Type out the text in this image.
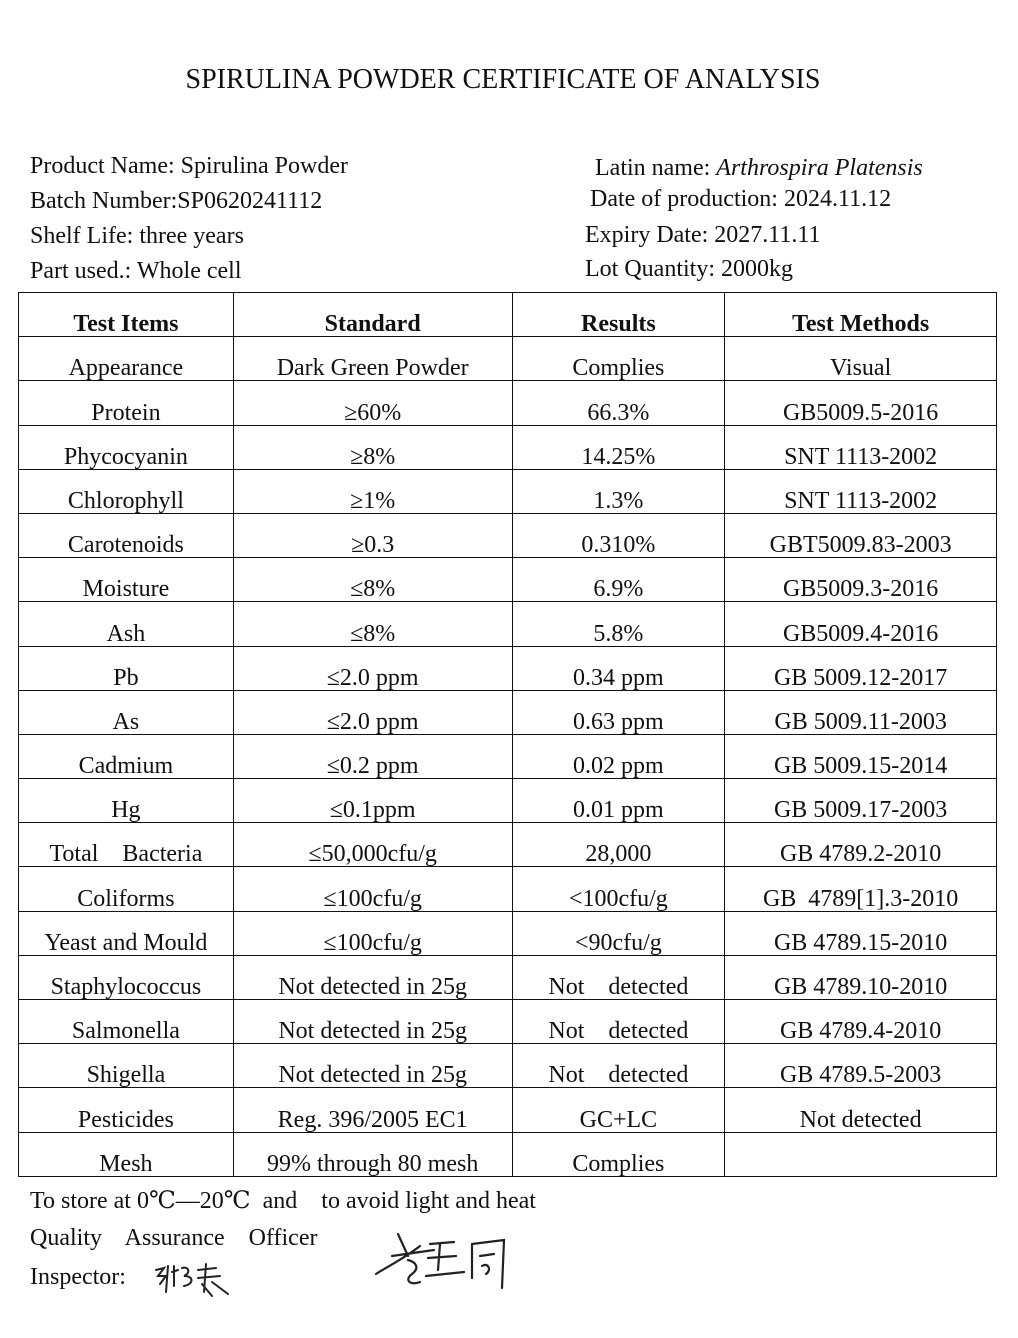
SPIRULINA POWDER CERTIFICATE OF ANALYSIS
Product Name: Spirulina Powder
Batch Number:SP0620241112
Shelf Life: three years
Part used.: Whole cell
Latin name: Arthrospira Platensis
Date of production: 2024.11.12
Expiry Date: 2027.11.11
Lot Quantity: 2000kg
Test Items	Standard	Results	Test Methods
Appearance	Dark Green Powder	Complies	Visual
Protein	≥60%	66.3%	GB5009.5-2016
Phycocyanin	≥8%	14.25%	SNT 1113-2002
Chlorophyll	≥1%	1.3%	SNT 1113-2002
Carotenoids	≥0.3	0.310%	GBT5009.83-2003
Moisture	≤8%	6.9%	GB5009.3-2016
Ash	≤8%	5.8%	GB5009.4-2016
Pb	≤2.0 ppm	0.34 ppm	GB 5009.12-2017
As	≤2.0 ppm	0.63 ppm	GB 5009.11-2003
Cadmium	≤0.2 ppm	0.02 ppm	GB 5009.15-2014
Hg	≤0.1ppm	0.01 ppm	GB 5009.17-2003
Total    Bacteria	≤50,000cfu/g	28,000	GB 4789.2-2010
Coliforms	≤100cfu/g	<100cfu/g	GB  4789[1].3-2010
Yeast and Mould	≤100cfu/g	<90cfu/g	GB 4789.15-2010
Staphylococcus	Not detected in 25g	Not    detected	GB 4789.10-2010
Salmonella	Not detected in 25g	Not    detected	GB 4789.4-2010
Shigella	Not detected in 25g	Not    detected	GB 4789.5-2003
Pesticides	Reg. 396/2005 EC1	GC+LC	Not detected
Mesh	99% through 80 mesh	Complies	
To store at 0℃—20℃  and    to avoid light and heat
Quality    Assurance    Officer
Inspector:
